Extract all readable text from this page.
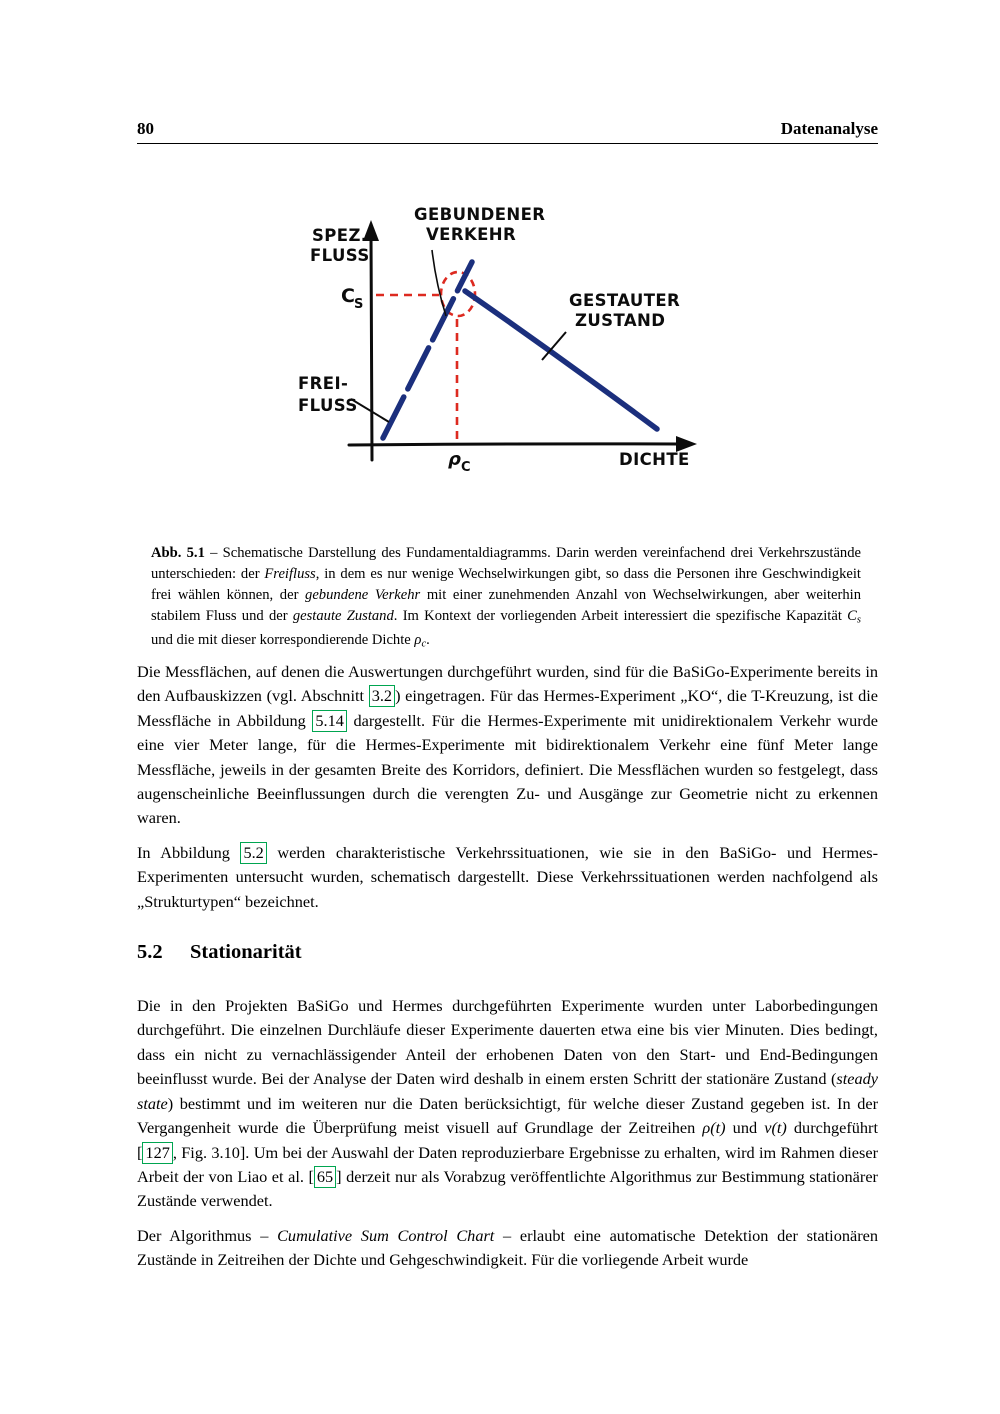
80	Datenanalyse
SPEZ.
FLUSS
GEBUNDENER
VERKEHR
C
S	GESTAUTER
ZUSTAND
FREI-
FLUSS
ρ C	DICHTE

Abb. 5.1 – Schematische Darstellung des Fundamentaldiagramms. Darin werden vereinfachend drei Verkehrszustände unterschieden: der Freifluss, in dem es nur wenige Wechselwirkungen gibt, so dass die Personen ihre Geschwindigkeit frei wählen können, der gebundene Verkehr mit einer zunehmenden Anzahl von Wechselwirkungen, aber weiterhin stabilem Fluss und der gestaute Zustand. Im Kontext der vorliegenden Arbeit interessiert die spezifische Kapazität $C_s$ und die mit dieser korrespondierende Dichte $\rho_c$.

Die Messflächen, auf denen die Auswertungen durchgeführt wurden, sind für die BaSiGo-Experimente bereits in den Aufbauskizzen (vgl. Abschnitt 3.2 ) eingetragen. Für das Hermes-Experiment „KO“, die T-Kreuzung, ist die Messfläche in Abbildung 5.14 dargestellt. Für die Hermes-Experimente mit unidirektionalem Verkehr wurde eine vier Meter lange, für die Hermes-Experimente mit bidirektionalem Verkehr eine fünf Meter lange Messfläche, jeweils in der gesamten Breite des Korridors, definiert. Die Messflächen wurden so festgelegt, dass augenscheinliche Beeinflussungen durch die verengten Zu- und Ausgänge zur Geometrie nicht zu erkennen waren.

In Abbildung 5.2 werden charakteristische Verkehrssituationen, wie sie in den BaSiGo- und Hermes-Experimenten untersucht wurden, schematisch dargestellt. Diese Verkehrssituationen werden nachfolgend als „Strukturtypen“ bezeichnet.

5.2 Stationarität

Die in den Projekten BaSiGo und Hermes durchgeführten Experimente wurden unter Laborbedingungen durchgeführt. Die einzelnen Durchläufe dieser Experimente dauerten etwa eine bis vier Minuten. Dies bedingt, dass ein nicht zu vernachlässigender Anteil der erhobenen Daten von den Start- und End-Bedingungen beeinflusst wurde. Bei der Analyse der Daten wird deshalb in einem ersten Schritt der stationäre Zustand (steady state) bestimmt und im weiteren nur die Daten berücksichtigt, für welche dieser Zustand gegeben ist. In der Vergangenheit wurde die Überprüfung meist visuell auf Grundlage der Zeitreihen ρ(t) und v(t) durchgeführt [ 127 , Fig. 3.10]. Um bei der Auswahl der Daten reproduzierbare Ergebnisse zu erhalten, wird im Rahmen dieser Arbeit der von Liao et al. [ 65 ] derzeit nur als Vorabzug veröffentlichte Algorithmus zur Bestimmung stationärer Zustände verwendet.

Der Algorithmus – Cumulative Sum Control Chart – erlaubt eine automatische Detektion der stationären Zustände in Zeitreihen der Dichte und Gehgeschwindigkeit. Für die vorliegende Arbeit wurde
